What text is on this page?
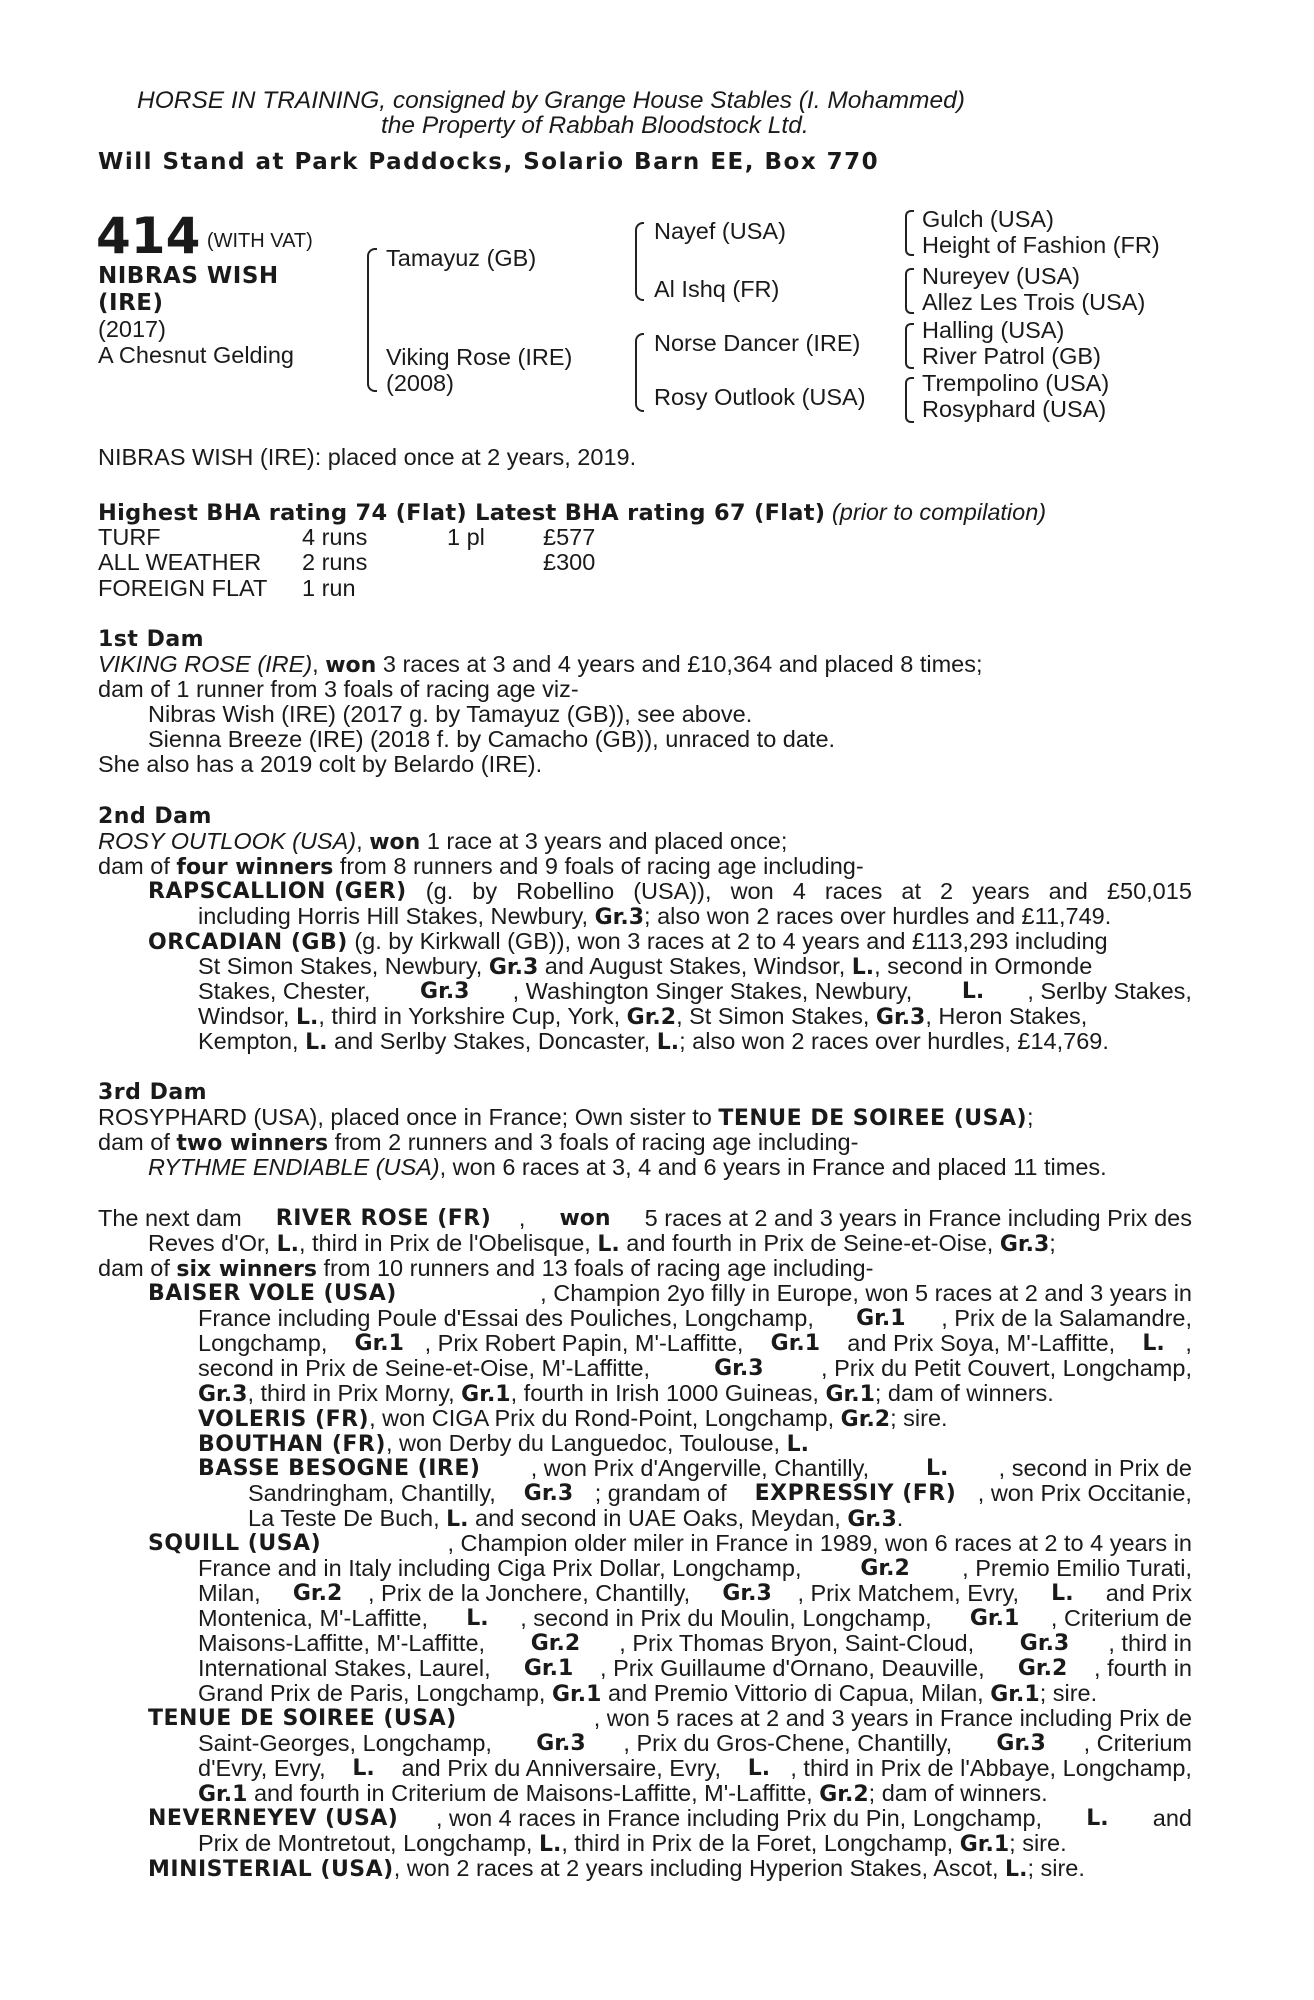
HORSE IN TRAINING, consigned by Grange House Stables (I. Mohammed)
the Property of Rabbah Bloodstock Ltd.
Will Stand at Park Paddocks, Solario Barn EE, Box 770
414 (WITH VAT)
NIBRAS WISH
(IRE)
(2017)
A Chesnut Gelding
Tamayuz (GB)
Viking Rose (IRE)
(2008)
Nayef (USA)
Al Ishq (FR)
Norse Dancer (IRE)
Rosy Outlook (USA)
Gulch (USA)
Height of Fashion (FR)
Nureyev (USA)
Allez Les Trois (USA)
Halling (USA)
River Patrol (GB)
Trempolino (USA)
Rosyphard (USA)
NIBRAS WISH (IRE): placed once at 2 years, 2019.
Highest BHA rating 74 (Flat) Latest BHA rating 67 (Flat) (prior to compilation)
TURF	4 runs	1 pl £577
ALL WEATHER 2 runs	£300
FOREIGN FLAT 1 run
1st Dam
VIKING ROSE (IRE), won 3 races at 3 and 4 years and £10,364 and placed 8 times;
dam of 1 runner from 3 foals of racing age viz-
Nibras Wish (IRE) (2017 g. by Tamayuz (GB)), see above.
Sienna Breeze (IRE) (2018 f. by Camacho (GB)), unraced to date.
She also has a 2019 colt by Belardo (IRE).
2nd Dam
ROSY OUTLOOK (USA), won 1 race at 3 years and placed once;
dam of four winners from 8 runners and 9 foals of racing age including-
RAPSCALLION (GER) (g. by Robellino (USA)), won 4 races at 2 years and £50,015
including Horris Hill Stakes, Newbury, Gr.3; also won 2 races over hurdles and £11,749.
ORCADIAN (GB) (g. by Kirkwall (GB)), won 3 races at 2 to 4 years and £113,293 including
St Simon Stakes, Newbury, Gr.3 and August Stakes, Windsor, L., second in Ormonde
Stakes, Chester, Gr.3 , Washington Singer Stakes, Newbury, L. , Serlby Stakes,
Windsor, L., third in Yorkshire Cup, York, Gr.2, St Simon Stakes, Gr.3, Heron Stakes,
Kempton, L. and Serlby Stakes, Doncaster, L.; also won 2 races over hurdles, £14,769.
3rd Dam
ROSYPHARD (USA), placed once in France; Own sister to TENUE DE SOIREE (USA);
dam of two winners from 2 runners and 3 foals of racing age including-
RYTHME ENDIABLE (USA), won 6 races at 3, 4 and 6 years in France and placed 11 times.
The next dam RIVER ROSE (FR) , won 5 races at 2 and 3 years in France including Prix des
Reves d'Or, L., third in Prix de l'Obelisque, L. and fourth in Prix de Seine-et-Oise, Gr.3;
dam of six winners from 10 runners and 13 foals of racing age including-
BAISER VOLE (USA)	, Champion 2yo filly in Europe, won 5 races at 2 and 3 years in
France including Poule d'Essai des Pouliches, Longchamp, Gr.1 , Prix de la Salamandre,
Longchamp, Gr.1 , Prix Robert Papin, M'-Laffitte, Gr.1 and Prix Soya, M'-Laffitte, L. ,
second in Prix de Seine-et-Oise, M'-Laffitte,	Gr.3 , Prix du Petit Couvert, Longchamp,
Gr.3, third in Prix Morny, Gr.1, fourth in Irish 1000 Guineas, Gr.1; dam of winners.
VOLERIS (FR), won CIGA Prix du Rond-Point, Longchamp, Gr.2; sire.
BOUTHAN (FR), won Derby du Languedoc, Toulouse, L.
BASSE BESOGNE (IRE) , won Prix d'Angerville, Chantilly, L. , second in Prix de
Sandringham, Chantilly, Gr.3 ; grandam of EXPRESSIY (FR) , won Prix Occitanie,
La Teste De Buch, L. and second in UAE Oaks, Meydan, Gr.3.
SQUILL (USA)	, Champion older miler in France in 1989, won 6 races at 2 to 4 years in
France and in Italy including Ciga Prix Dollar, Longchamp, Gr.2 , Premio Emilio Turati,
Milan, Gr.2 , Prix de la Jonchere, Chantilly, Gr.3 , Prix Matchem, Evry, L. and Prix
Montenica, M'-Laffitte, L. , second in Prix du Moulin, Longchamp, Gr.1 , Criterium de
Maisons-Laffitte, M'-Laffitte, Gr.2 , Prix Thomas Bryon, Saint-Cloud, Gr.3 , third in
International Stakes, Laurel, Gr.1 , Prix Guillaume d'Ornano, Deauville, Gr.2 , fourth in
Grand Prix de Paris, Longchamp, Gr.1 and Premio Vittorio di Capua, Milan, Gr.1; sire.
TENUE DE SOIREE (USA)	, won 5 races at 2 and 3 years in France including Prix de
Saint-Georges, Longchamp, Gr.3 , Prix du Gros-Chene, Chantilly, Gr.3 , Criterium
d'Evry, Evry, L. and Prix du Anniversaire, Evry, L. , third in Prix de l'Abbaye, Longchamp,
Gr.1 and fourth in Criterium de Maisons-Laffitte, M'-Laffitte, Gr.2; dam of winners.
NEVERNEYEV (USA) , won 4 races in France including Prix du Pin, Longchamp, L. and
Prix de Montretout, Longchamp, L., third in Prix de la Foret, Longchamp, Gr.1; sire.
MINISTERIAL (USA), won 2 races at 2 years including Hyperion Stakes, Ascot, L.; sire.
